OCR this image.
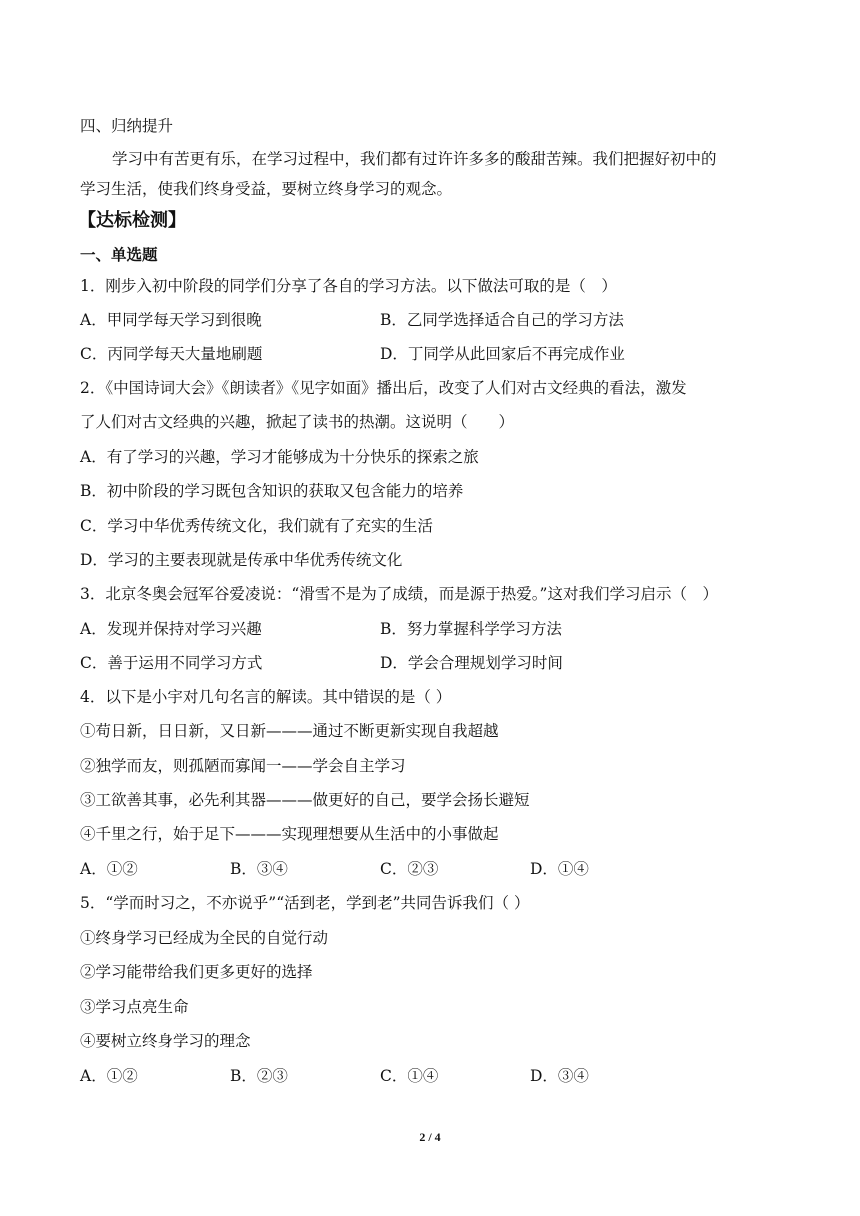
四、归纳提升
学习中有苦更有乐，在学习过程中，我们都有过许许多多的酸甜苦辣。我们把握好初中的
学习生活，使我们终身受益，要树立终身学习的观念。
【达标检测】
一、单选题
1．刚步入初中阶段的同学们分享了各自的学习方法。以下做法可取的是（　）
A．甲同学每天学习到很晚	B．乙同学选择适合自己的学习方法
C．丙同学每天大量地刷题	D．丁同学从此回家后不再完成作业
2．《中国诗词大会》《朗读者》《见字如面》播出后，改变了人们对古文经典的看法，激发
了人们对古文经典的兴趣，掀起了读书的热潮。这说明（　　）
A．有了学习的兴趣，学习才能够成为十分快乐的探索之旅
B．初中阶段的学习既包含知识的获取又包含能力的培养
C．学习中华优秀传统文化，我们就有了充实的生活
D．学习的主要表现就是传承中华优秀传统文化
3．北京冬奥会冠军谷爱凌说：“滑雪不是为了成绩，而是源于热爱。”这对我们学习启示（　）
A．发现并保持对学习兴趣	B．努力掌握科学学习方法
C．善于运用不同学习方式	D．学会合理规划学习时间
4．以下是小宇对几句名言的解读。其中错误的是（ ）
①苟日新，日日新，又日新———通过不断更新实现自我超越
②独学而友，则孤陋而寡闻一——学会自主学习
③工欲善其事，必先利其器———做更好的自己，要学会扬长避短
④千里之行，始于足下———实现理想要从生活中的小事做起
A．①②	B．③④	C．②③	D．①④
5．“学而时习之，不亦说乎”“活到老，学到老”共同告诉我们（ ）
①终身学习已经成为全民的自觉行动
②学习能带给我们更多更好的选择
③学习点亮生命
④要树立终身学习的理念
A．①②	B．②③	C．①④	D．③④
2 / 4
